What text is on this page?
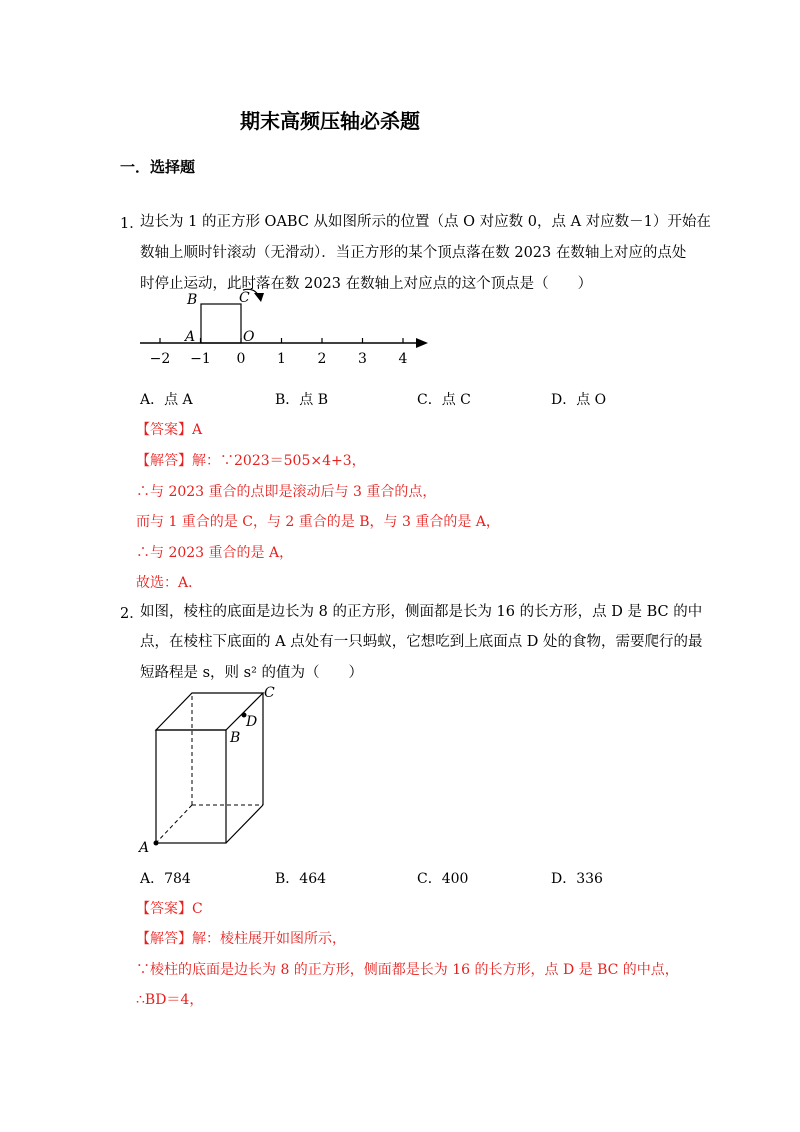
期末高频压轴必杀题
一．选择题
1．
边长为 1 的正方形 OABC 从如图所示的位置（点 O 对应数 0，点 A 对应数－1）开始在
数轴上顺时针滚动（无滑动）．当正方形的某个顶点落在数 2023 在数轴上对应的点处
时停止运动，此时落在数 2023 在数轴上对应点的这个顶点是（　　）
B	C
A	O
−2 −1 0 1 2 3 4
A．点 A	B．点 B	C．点 C	D．点 O
【答案】A
【解答】解：∵2023＝505×4+3，
∴与 2023 重合的点即是滚动后与 3 重合的点，
而与 1 重合的是 C，与 2 重合的是 B，与 3 重合的是 A，
∴与 2023 重合的是 A，
故选：A．
2．
如图，棱柱的底面是边长为 8 的正方形，侧面都是长为 16 的长方形，点 D 是 BC 的中
点，在棱柱下底面的 A 点处有一只蚂蚁，它想吃到上底面点 D 处的食物，需要爬行的最
短路程是 s，则 s² 的值为（　　）
C
D
B
A
A．784	B．464	C．400	D．336
【答案】C
【解答】解：棱柱展开如图所示，
∵棱柱的底面是边长为 8 的正方形，侧面都是长为 16 的长方形，点 D 是 BC 的中点，
∴BD＝4，
